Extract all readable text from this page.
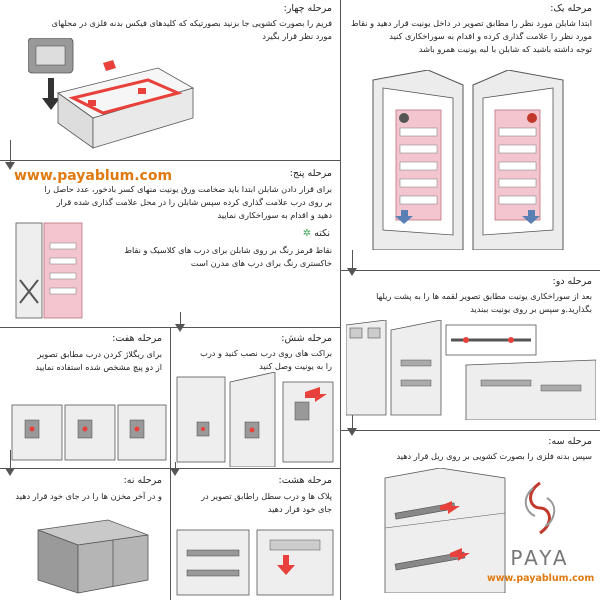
مرحله یک:
ابتدا شابلن مورد نظر را مطابق تصویر در داخل یونیت قرار دهید و نقاط
مورد نظر را علامت گذاری کرده و اقدام به سوراخکاری کنید
توجه داشته باشید که شابلن با لبه یونیت همرو باشد
مرحله دو:
بعد از سوراخکاری یونیت مطابق تصویر لقمه ها را به پشت ریلها
بگذارید.و سپس بر روی یونیت ببندید
مرحله سه:
سپس بدنه فلزی را بصورت کشویی بر روی ریل قرار دهید
PAYA
www.payablum.com
مرحله چهار:
فریم را بصورت کشویی جا بزنید بصورتیکه که کلیدهای فیکس بدنه فلزی در محلهای
مورد نظر قرار بگیرد
www.payablum.com	مرحله پنج:
برای قرار دادن شابلن ابتدا باید ضخامت ورق یونیت منهای کسر بادخور، عدد حاصل را
بر روی درب علامت گذاری کرده سپس شابلن را در محل علامت گذاری شده قرار
دهید و اقدام به سوراخکاری نمایید
نکته ✲
نقاط قرمز رنگ بر روی شابلن برای درب های کلاسیک و نقاط
خاکستری رنگ برای درب های مدرن است
مرحله شش:
براکت های روی درب نصب کنید و درب
را به یونیت وصل کنید
مرحله هفت:
برای ریگلاژ کردن درب مطابق تصویر
از دو پیچ مشخص شده استفاده نمایید
مرحله هشت:
پلاک ها و درب سطل راطابق تصویر در
جای خود قرار دهید
مرحله نه:
و در آخر مخزن ها را در جای خود قرار دهید
